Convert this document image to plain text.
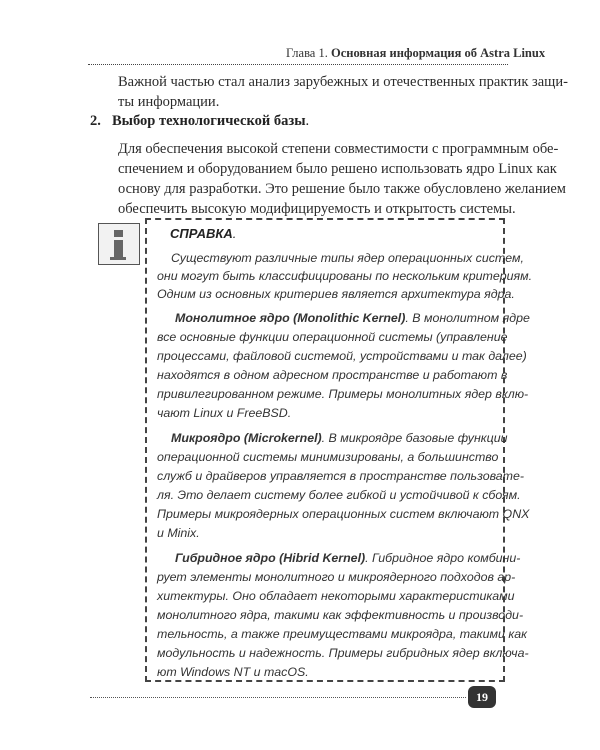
Глава 1. Основная информация об Astra Linux
Важной частью стал анализ зарубежных и отечественных практик защи-
ты информации.
2. Выбор технологической базы.
Для обеспечения высокой степени совместимости с программным обе-
спечением и оборудованием было решено использовать ядро Linux как
основу для разработки. Это решение было также обусловлено желанием
обеспечить высокую модифицируемость и открытость системы.
СПРАВКА.
Существуют различные типы ядер операционных систем,
они могут быть классифицированы по нескольким критериям.
Одним из основных критериев является архитектура ядра.
Монолитное ядро (Monolithic Kernel). В монолитном ядре
все основные функции операционной системы (управление
процессами, файловой системой, устройствами и так далее)
находятся в одном адресном пространстве и работают в
привилегированном режиме. Примеры монолитных ядер вклю-
чают Linux и FreeBSD.
Микроядро (Microkernel). В микроядре базовые функции
операционной системы минимизированы, а большинство
служб и драйверов управляется в пространстве пользовате-
ля. Это делает систему более гибкой и устойчивой к сбоям.
Примеры микроядерных операционных систем включают QNX
и Minix.
Гибридное ядро (Hibrid Kernel). Гибридное ядро комбини-
рует элементы монолитного и микроядерного подходов ар-
хитектуры. Оно обладает некоторыми характеристиками
монолитного ядра, такими как эффективность и производи-
тельность, а также преимуществами микроядра, такими как
модульность и надежность. Примеры гибридных ядер включа-
ют Windows NT и macOS.
19
